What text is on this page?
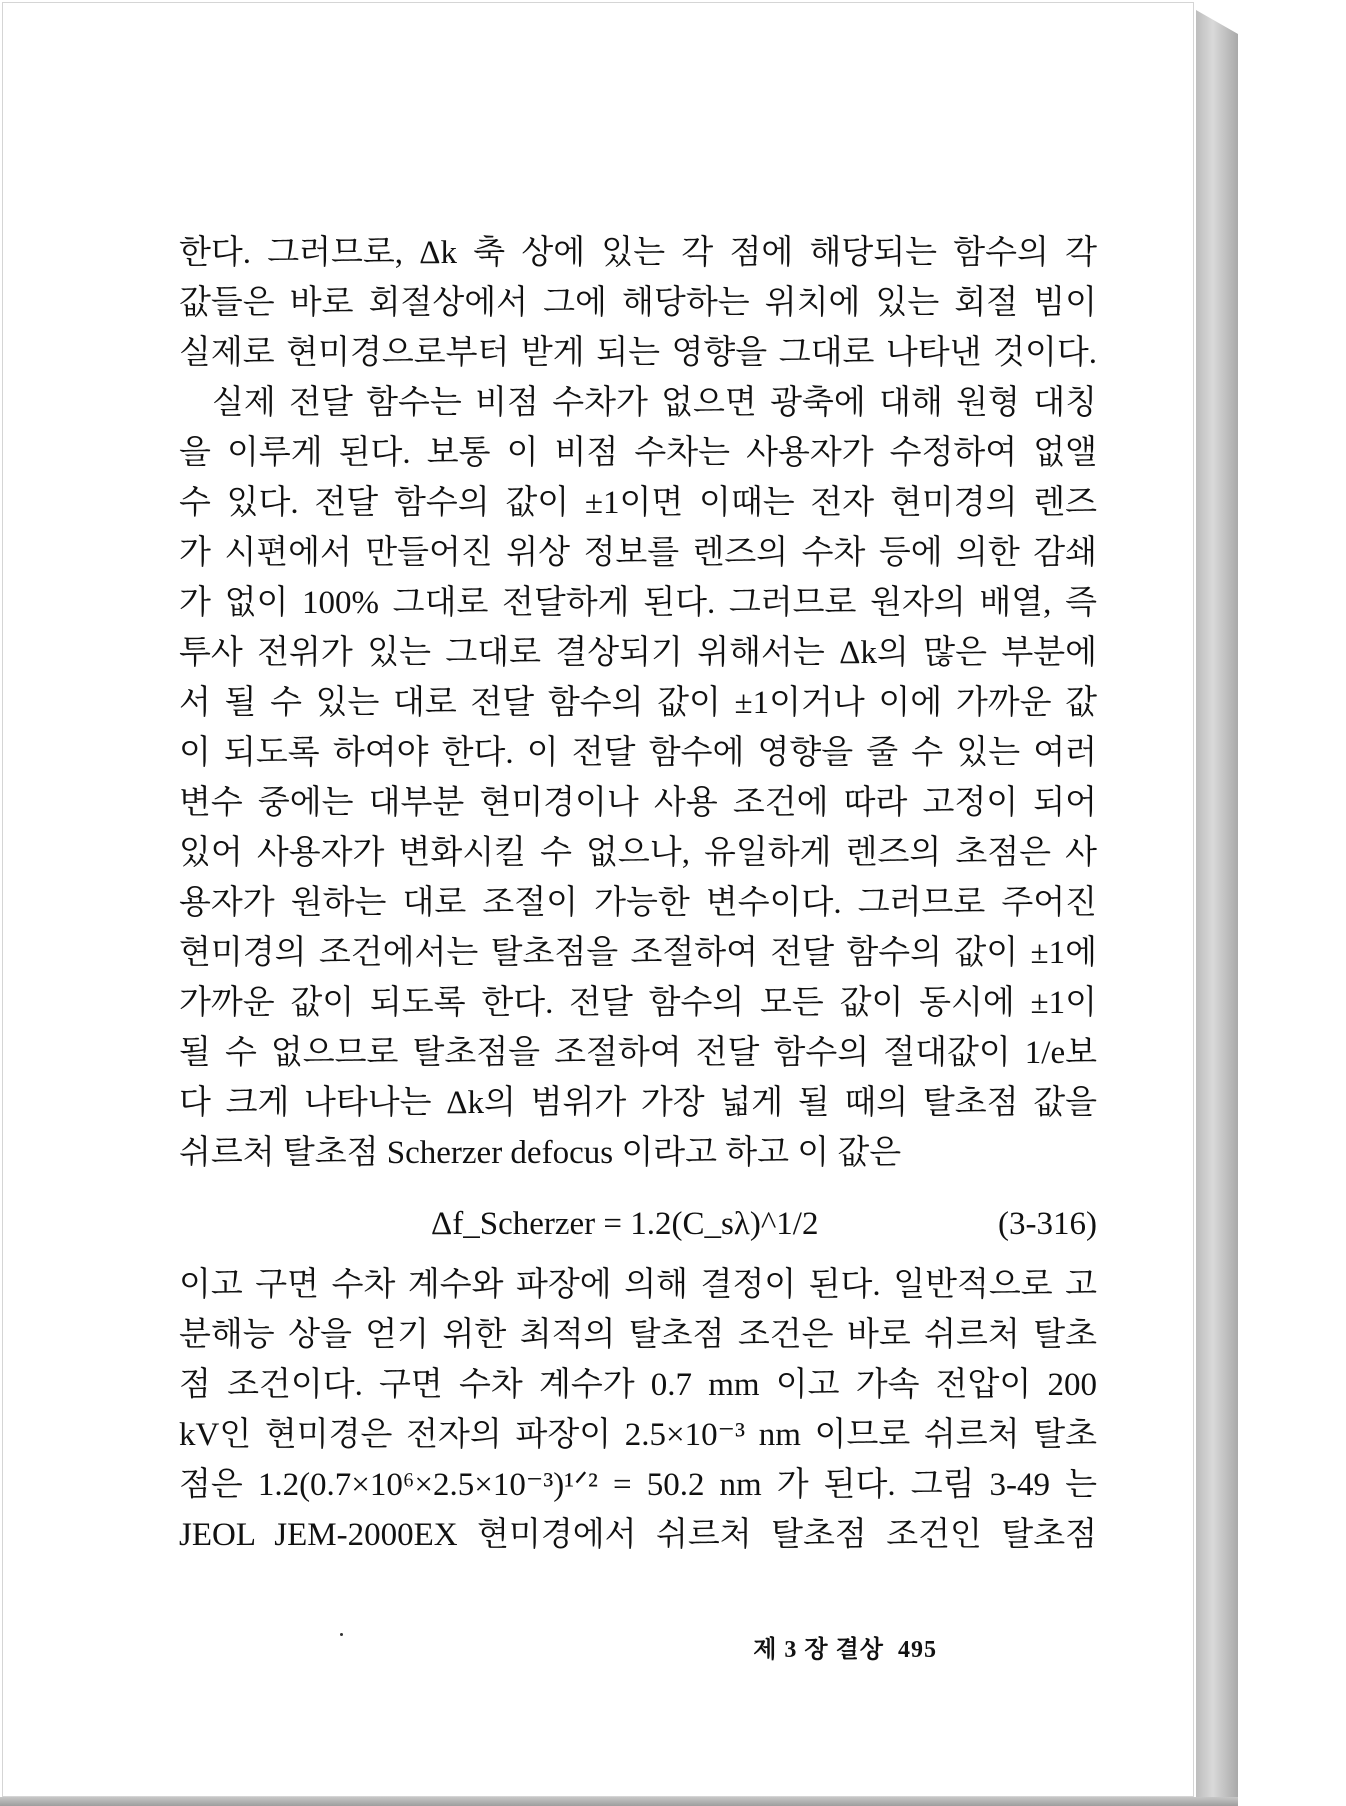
한다. 그러므로, Δk 축 상에 있는 각 점에 해당되는 함수의 각
값들은 바로 회절상에서 그에 해당하는 위치에 있는 회절 빔이
실제로 현미경으로부터 받게 되는 영향을 그대로 나타낸 것이다.
실제 전달 함수는 비점 수차가 없으면 광축에 대해 원형 대칭
을 이루게 된다. 보통 이 비점 수차는 사용자가 수정하여 없앨
수 있다. 전달 함수의 값이 ±1이면 이때는 전자 현미경의 렌즈
가 시편에서 만들어진 위상 정보를 렌즈의 수차 등에 의한 감쇄
가 없이 100% 그대로 전달하게 된다. 그러므로 원자의 배열, 즉
투사 전위가 있는 그대로 결상되기 위해서는 Δk의 많은 부분에
서 될 수 있는 대로 전달 함수의 값이 ±1이거나 이에 가까운 값
이 되도록 하여야 한다. 이 전달 함수에 영향을 줄 수 있는 여러
변수 중에는 대부분 현미경이나 사용 조건에 따라 고정이 되어
있어 사용자가 변화시킬 수 없으나, 유일하게 렌즈의 초점은 사
용자가 원하는 대로 조절이 가능한 변수이다. 그러므로 주어진
현미경의 조건에서는 탈초점을 조절하여 전달 함수의 값이 ±1에
가까운 값이 되도록 한다. 전달 함수의 모든 값이 동시에 ±1이
될 수 없으므로 탈초점을 조절하여 전달 함수의 절대값이 1/e보
다 크게 나타나는 Δk의 범위가 가장 넓게 될 때의 탈초점 값을
쉬르처 탈초점 Scherzer defocus 이라고 하고 이 값은
Δf_Scherzer = 1.2(C_sλ)^1/2	(3-316)
이고 구면 수차 계수와 파장에 의해 결정이 된다. 일반적으로 고
분해능 상을 얻기 위한 최적의 탈초점 조건은 바로 쉬르처 탈초
점 조건이다. 구면 수차 계수가 0.7 mm 이고 가속 전압이 200
kV인 현미경은 전자의 파장이 2.5×10⁻³ nm 이므로 쉬르처 탈초
점은 1.2(0.7×10⁶×2.5×10⁻³)¹ᐟ² = 50.2 nm 가 된다. 그림 3-49 는
JEOL JEM-2000EX 현미경에서 쉬르처 탈초점 조건인 탈초점
제 3 장 결상 495
